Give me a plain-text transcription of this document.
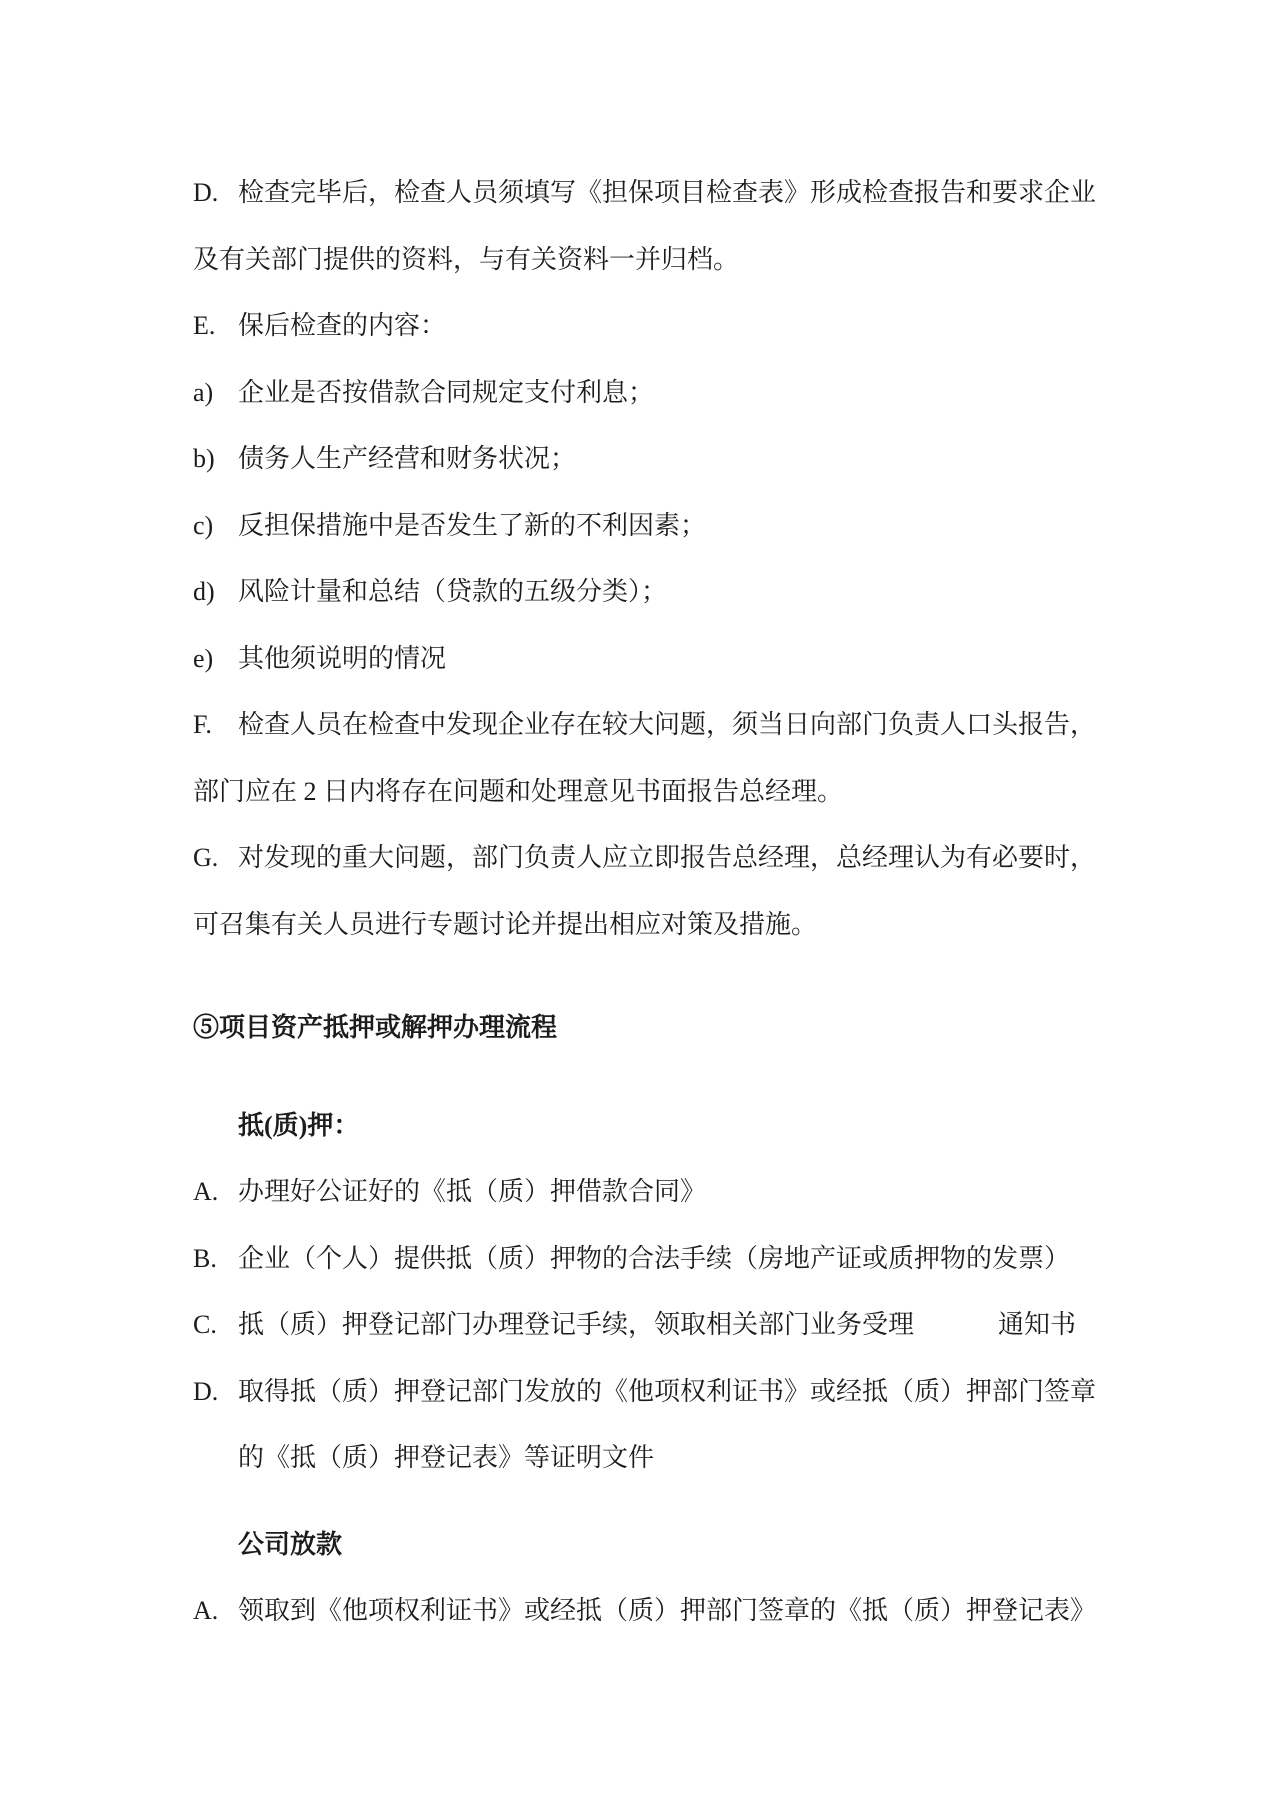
D. 检查完毕后，检查人员须填写《担保项目检查表》形成检查报告和要求企业
及有关部门提供的资料，与有关资料一并归档。
E. 保后检查的内容：
a) 企业是否按借款合同规定支付利息；
b) 债务人生产经营和财务状况；
c) 反担保措施中是否发生了新的不利因素；
d) 风险计量和总结（贷款的五级分类）；
e) 其他须说明的情况
F. 检查人员在检查中发现企业存在较大问题，须当日向部门负责人口头报告，
部门应在 2 日内将存在问题和处理意见书面报告总经理。
G. 对发现的重大问题，部门负责人应立即报告总经理，总经理认为有必要时，
可召集有关人员进行专题讨论并提出相应对策及措施。
⑤项目资产抵押或解押办理流程
抵(质)押：
A. 办理好公证好的《抵（质）押借款合同》
B. 企业（个人）提供抵（质）押物的合法手续（房地产证或质押物的发票）
C. 抵（质）押登记部门办理登记手续，领取相关部门业务受理	通知书
D. 取得抵（质）押登记部门发放的《他项权利证书》或经抵（质）押部门签章
的《抵（质）押登记表》等证明文件
公司放款
A. 领取到《他项权利证书》或经抵（质）押部门签章的《抵（质）押登记表》
